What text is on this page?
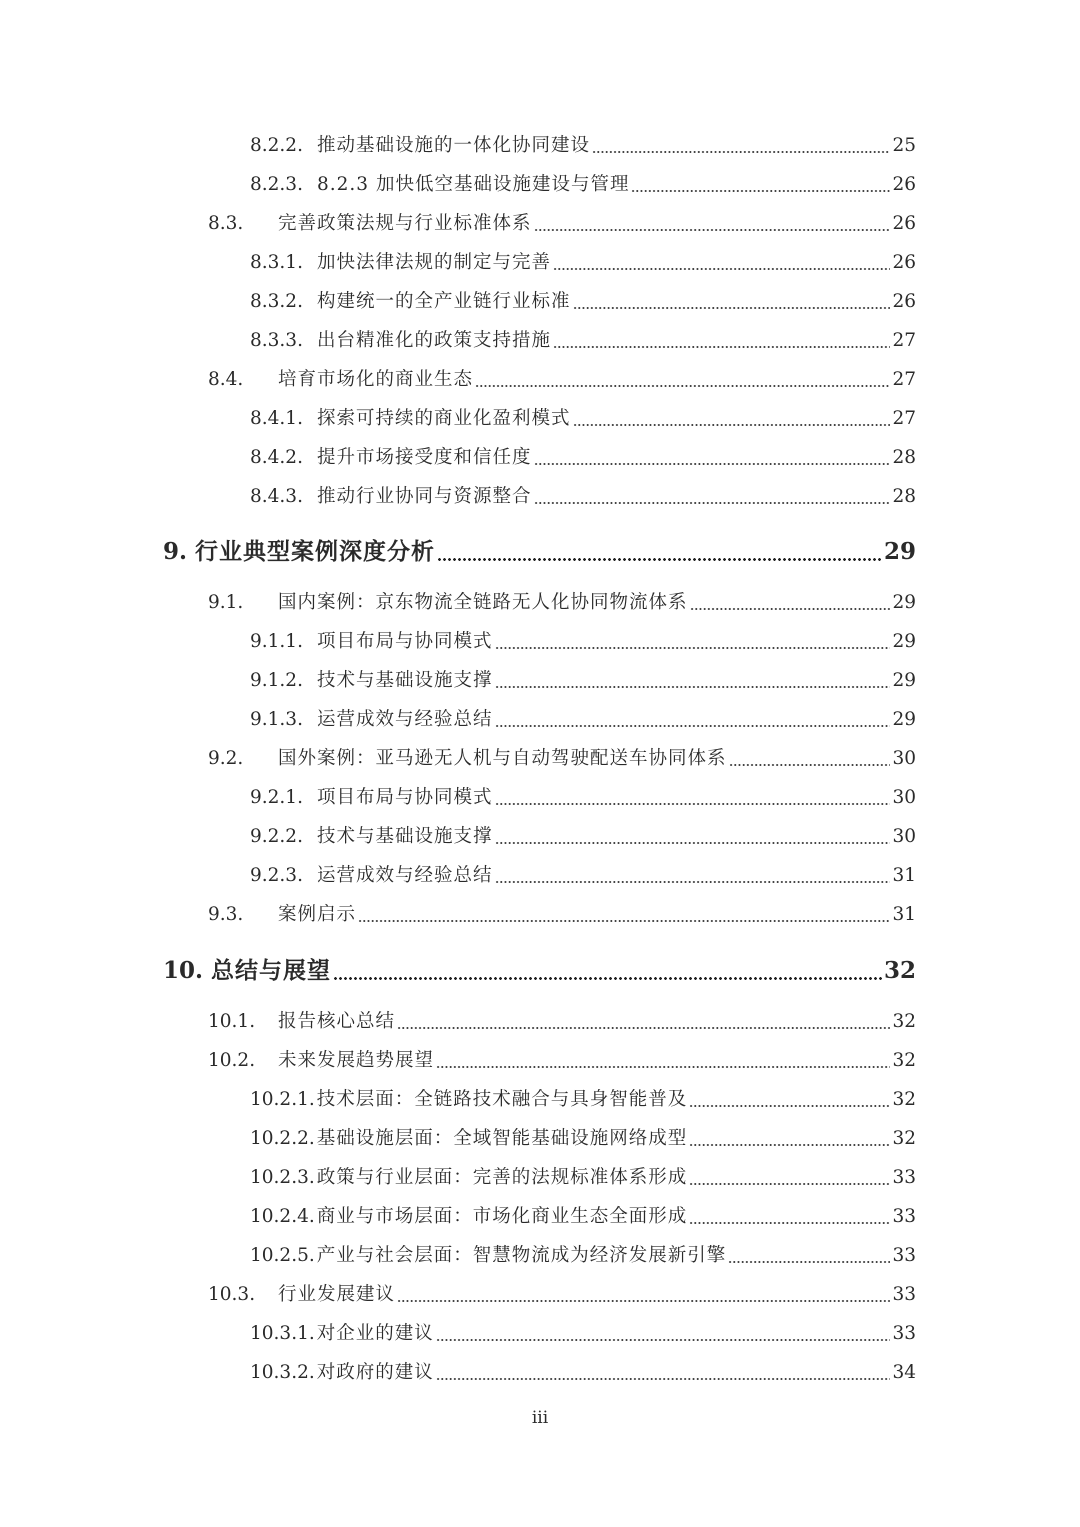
8.2.2. 推动基础设施的一体化协同建设	25
8.2.3. 8.2.3 加快低空基础设施建设与管理	26
8.3.	完善政策法规与行业标准体系	26
8.3.1. 加快法律法规的制定与完善	26
8.3.2. 构建统一的全产业链行业标准	26
8.3.3. 出台精准化的政策支持措施	27
8.4.	培育市场化的商业生态	27
8.4.1. 探索可持续的商业化盈利模式	27
8.4.2. 提升市场接受度和信任度	28
8.4.3. 推动行业协同与资源整合	28
9. 行业典型案例深度分析	29
9.1.	国内案例：京东物流全链路无人化协同物流体系	29
9.1.1. 项目布局与协同模式	29
9.1.2. 技术与基础设施支撑	29
9.1.3. 运营成效与经验总结	29
9.2.	国外案例：亚马逊无人机与自动驾驶配送车协同体系	30
9.2.1. 项目布局与协同模式	30
9.2.2. 技术与基础设施支撑	30
9.2.3. 运营成效与经验总结	31
9.3.	案例启示	31
10. 总结与展望	32
10.1.	报告核心总结	32
10.2.	未来发展趋势展望	32
10.2.1. 技术层面：全链路技术融合与具身智能普及	32
10.2.2. 基础设施层面：全域智能基础设施网络成型	32
10.2.3. 政策与行业层面：完善的法规标准体系形成	33
10.2.4. 商业与市场层面：市场化商业生态全面形成	33
10.2.5. 产业与社会层面：智慧物流成为经济发展新引擎	33
10.3.	行业发展建议	33
10.3.1. 对企业的建议	33
10.3.2. 对政府的建议	34
iii
